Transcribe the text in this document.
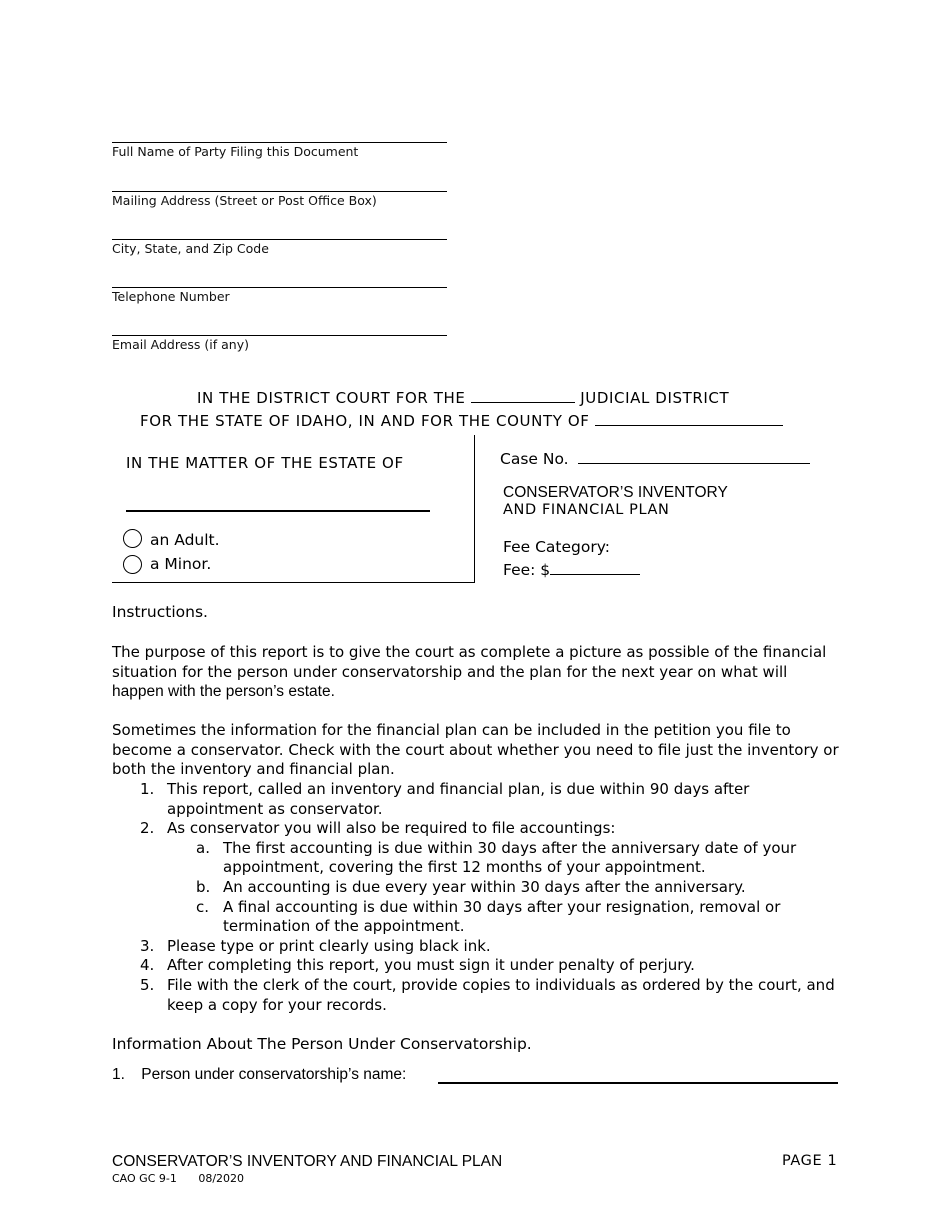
Full Name of Party Filing this Document
Mailing Address (Street or Post Office Box)
City, State, and Zip Code
Telephone Number
Email Address (if any)
IN THE DISTRICT COURT FOR THE	JUDICIAL DISTRICT
FOR THE STATE OF IDAHO, IN AND FOR THE COUNTY OF
IN THE MATTER OF THE ESTATE OF
an Adult.
a Minor.
Case No.
CONSERVATOR’S INVENTORY
AND FINANCIAL PLAN
Fee Category:
Fee: $
Instructions.
The purpose of this report is to give the court as complete a picture as possible of the financial situation for the person under conservatorship and the plan for the next year on what will
happen with the person’s estate.
Sometimes the information for the financial plan can be included in the petition you file to become a conservator. Check with the court about whether you need to file just the inventory or both the inventory and financial plan.
1. This report, called an inventory and financial plan, is due within 90 days after appointment as conservator.
2. As conservator you will also be required to file accountings:
a. The first accounting is due within 30 days after the anniversary date of your appointment, covering the first 12 months of your appointment.
b. An accounting is due every year within 30 days after the anniversary.
c. A final accounting is due within 30 days after your resignation, removal or termination of the appointment.
3. Please type or print clearly using black ink.
4. After completing this report, you must sign it under penalty of perjury.
5. File with the clerk of the court, provide copies to individuals as ordered by the court, and keep a copy for your records.
Information About The Person Under Conservatorship.
1. Person under conservatorship’s name:
CONSERVATOR’S INVENTORY AND FINANCIAL PLAN
CAO GC 9-1 08/2020
PAGE 1
